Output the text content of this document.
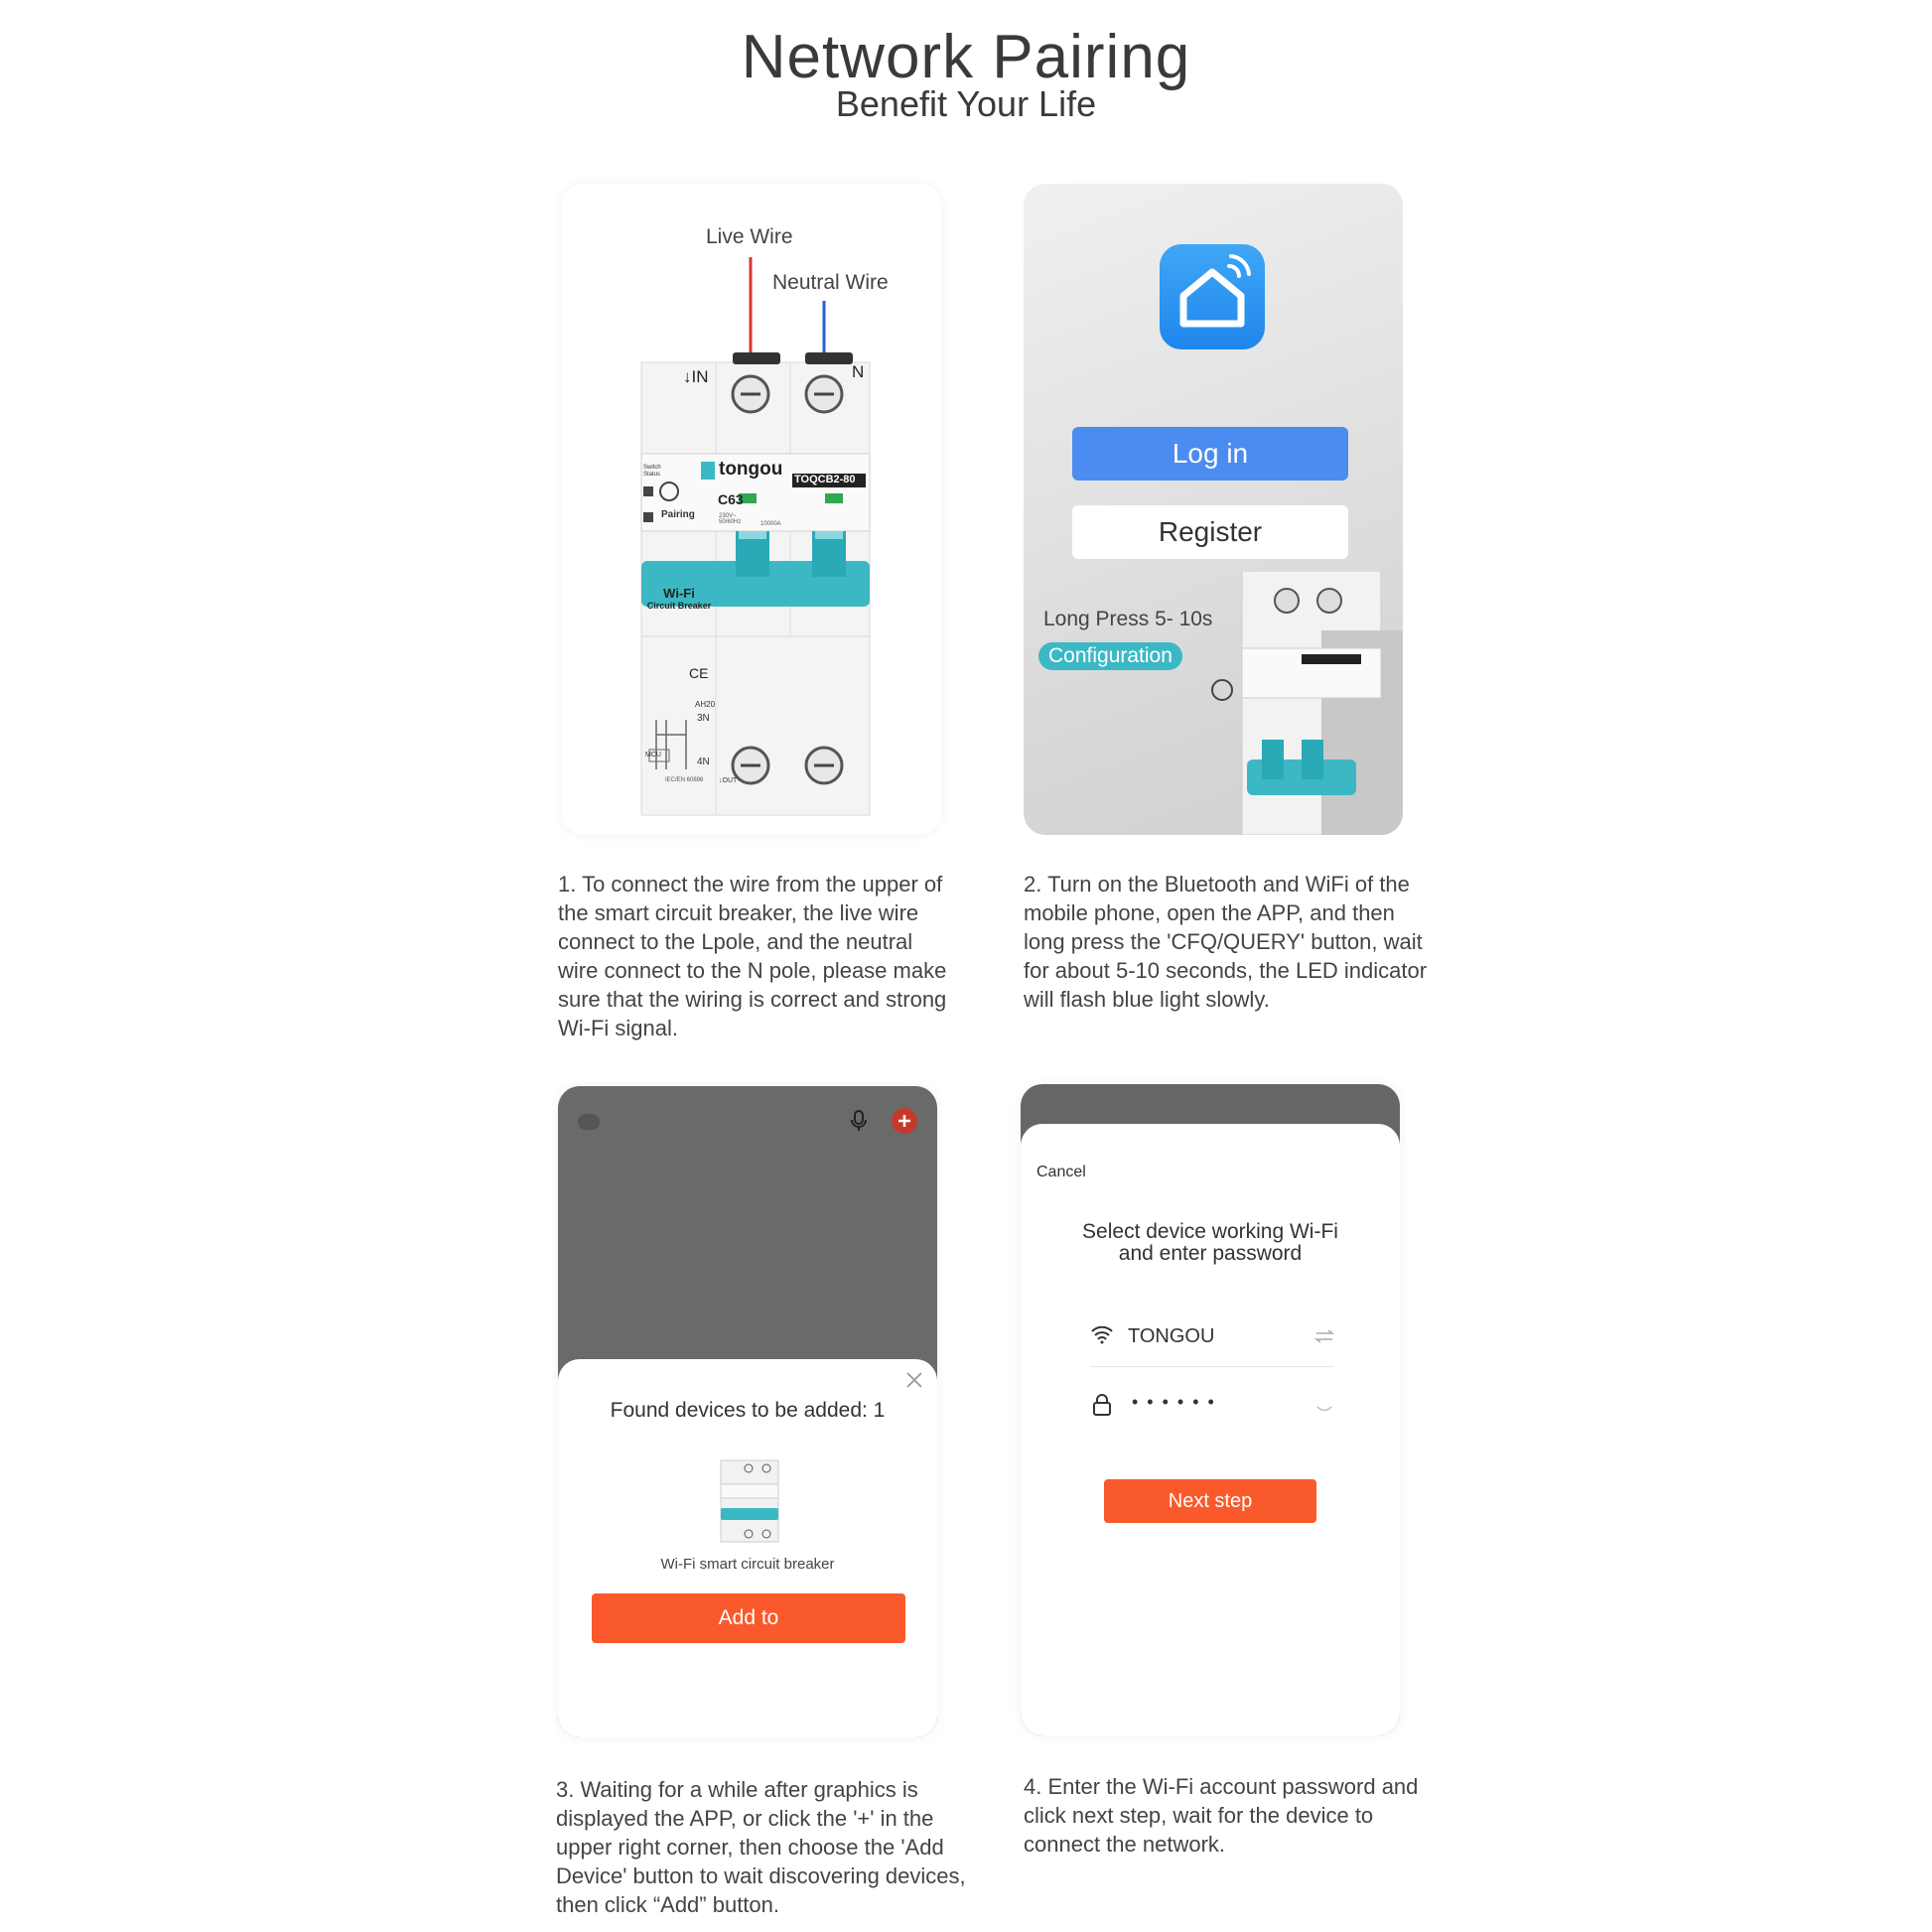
Network Pairing
Benefit Your Life
Live Wire
Neutral Wire
↓IN	N
tongou TOQCB2-80
C63
Switch Status
Pairing	230V~ 50/60Hz	10000A
Wi-Fi
Circuit Breaker
CE
AH20
3N
4N
MCU
IEC/EN 60898 ↓OUT
1. To connect the wire from the upper of the smart circuit breaker, the live wire connect to the Lpole, and the neutral wire connect to the N pole, please make sure that the wiring is correct and strong Wi-Fi signal.
Log in
Register
Long Press 5- 10s
Configuration
2. Turn on the Bluetooth and WiFi of the mobile phone, open the APP, and then long press the 'CFQ/QUERY' button, wait for about 5-10 seconds, the LED indicator will flash blue light slowly.
Found devices to be added: 1
Wi-Fi smart circuit breaker
Add to
3. Waiting for a while after graphics is displayed the APP, or click the '+' in the upper right corner, then choose the 'Add Device' button to wait discovering devices, then click “Add” button.
Cancel
Select device working Wi-Fi
and enter password
TONGOU
• • • • • •
Next step
4. Enter the Wi-Fi account password and click next step, wait for the device to connect the network.
